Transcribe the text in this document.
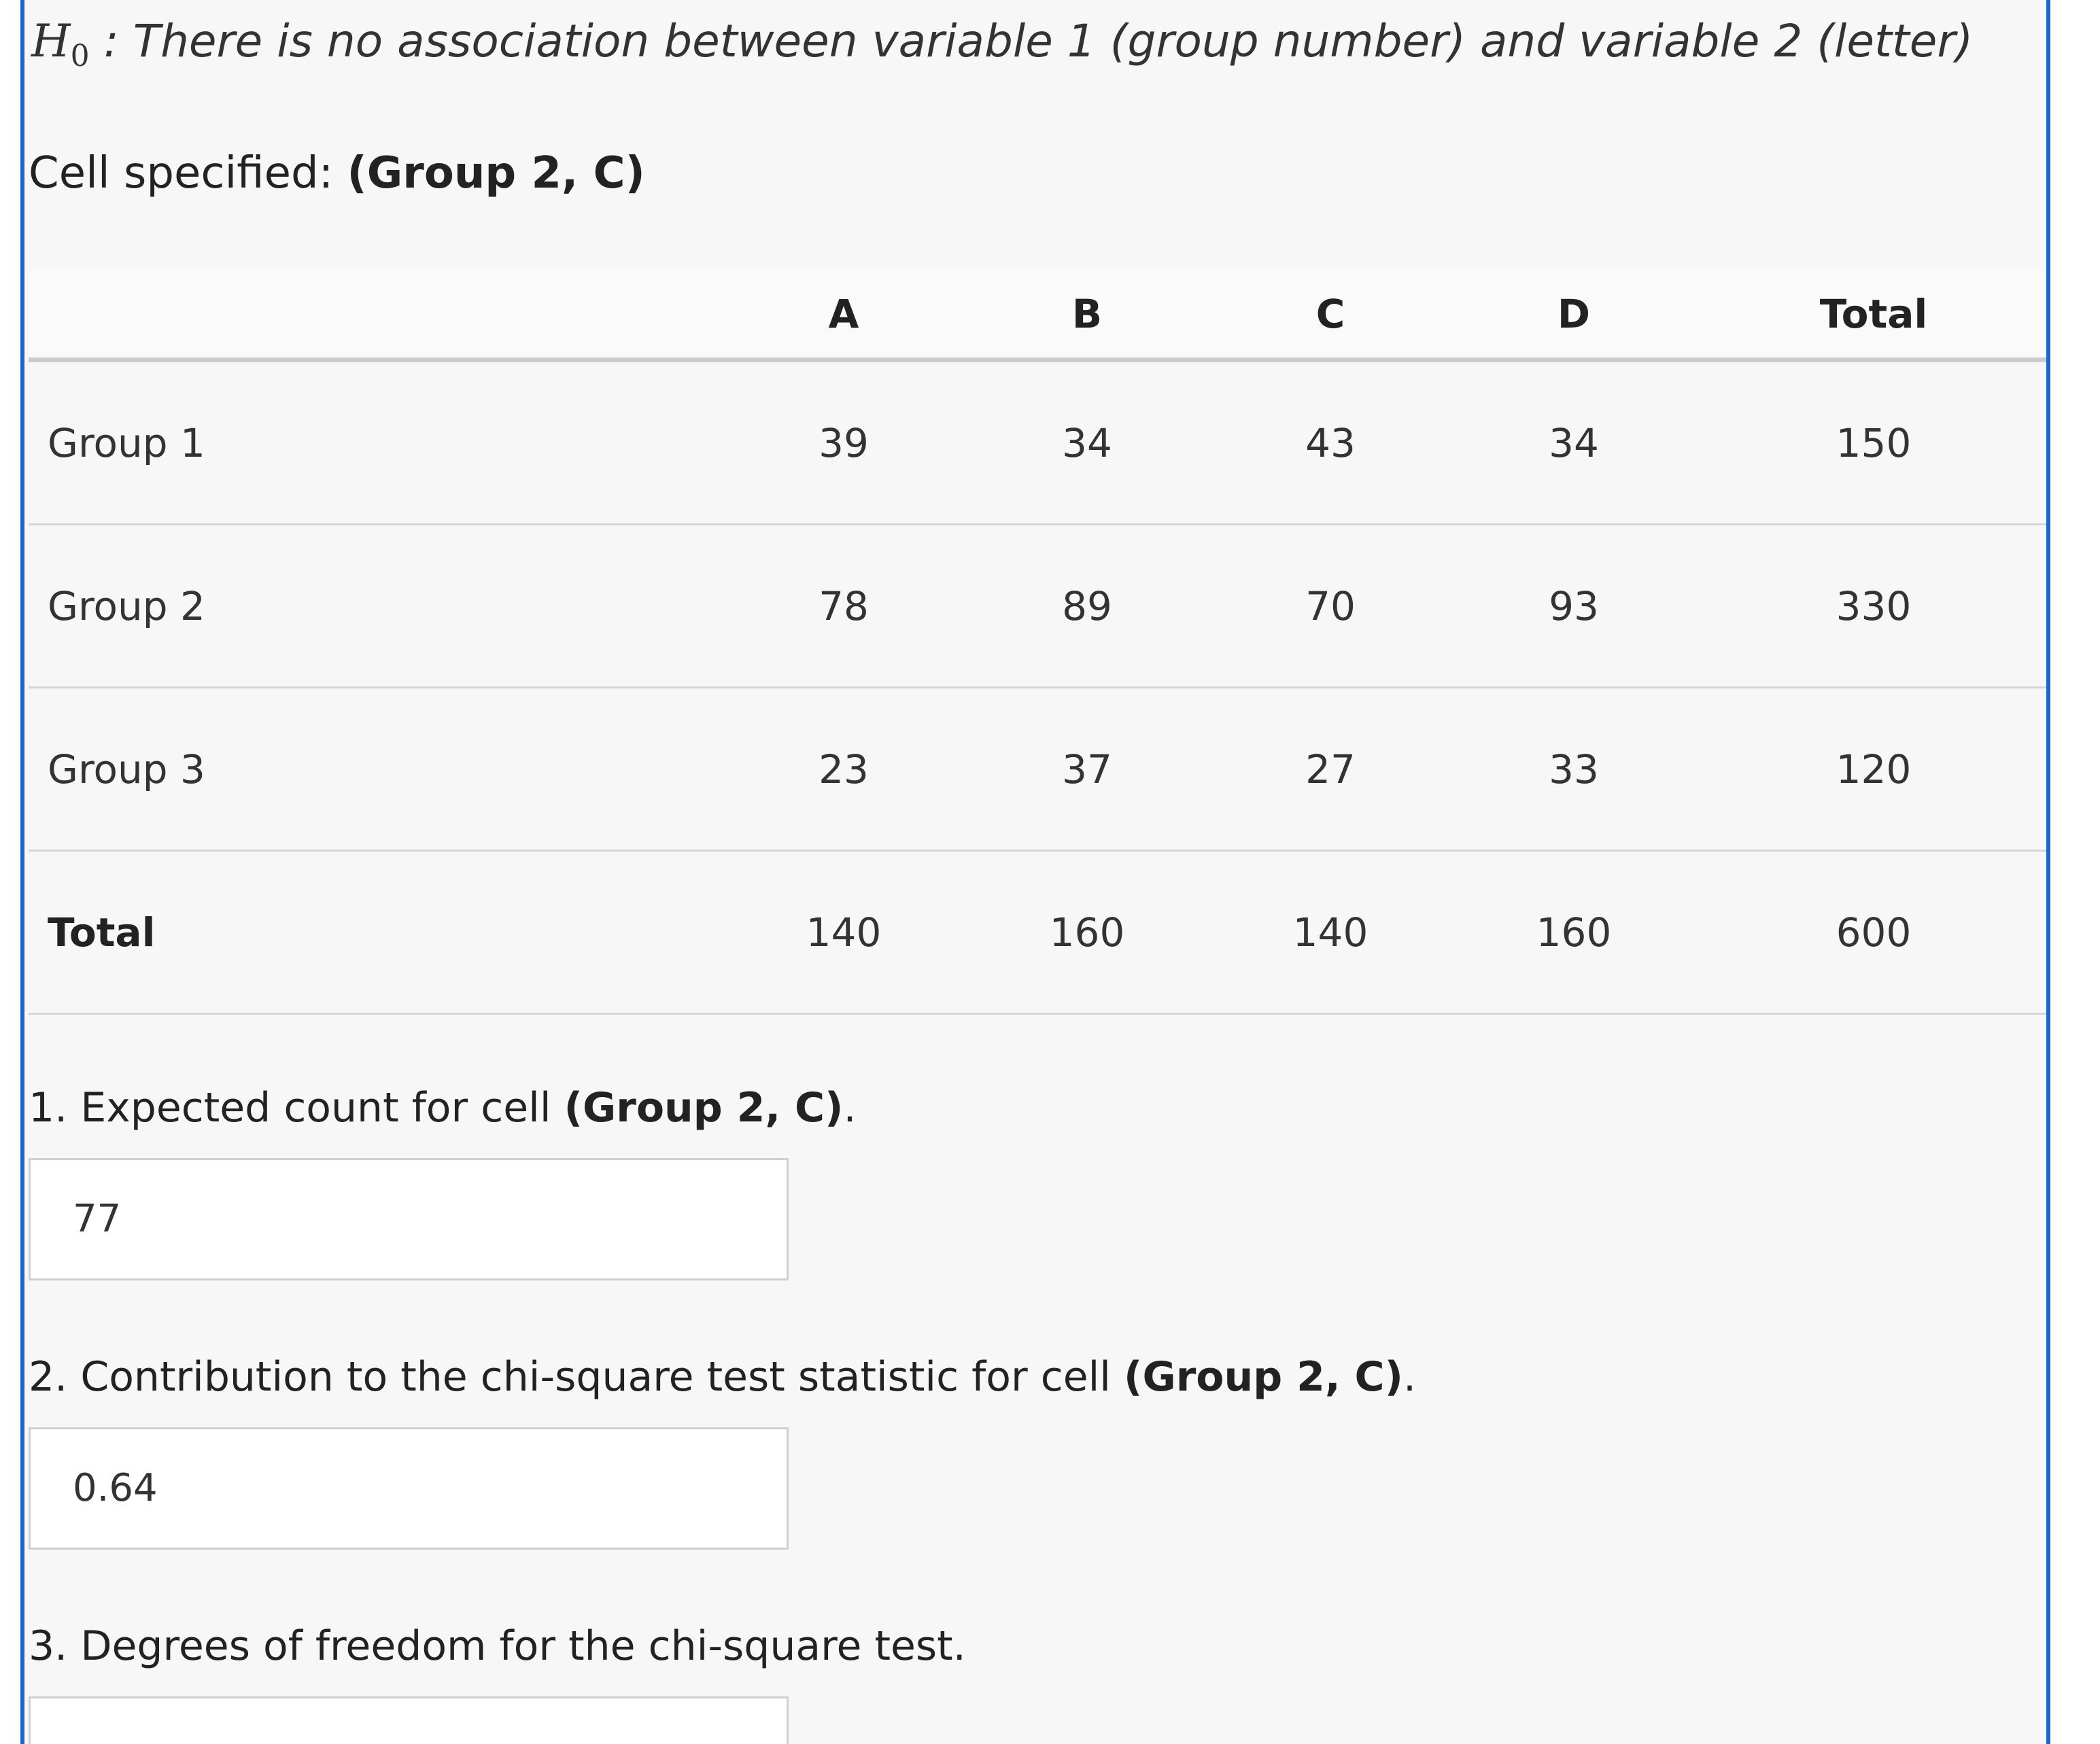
$H_0$ : There is no association between variable 1 (group number) and variable 2 (letter)
Cell specified: (Group 2, C)
	A	B	C	D	Total
Group 1	39	34	43	34	150
Group 2	78	89	70	93	330
Group 3	23	37	27	33	120
Total	140	160	140	160	600
1. Expected count for cell (Group 2, C).
77
2. Contribution to the chi-square test statistic for cell (Group 2, C).
0.64
3. Degrees of freedom for the chi-square test.
